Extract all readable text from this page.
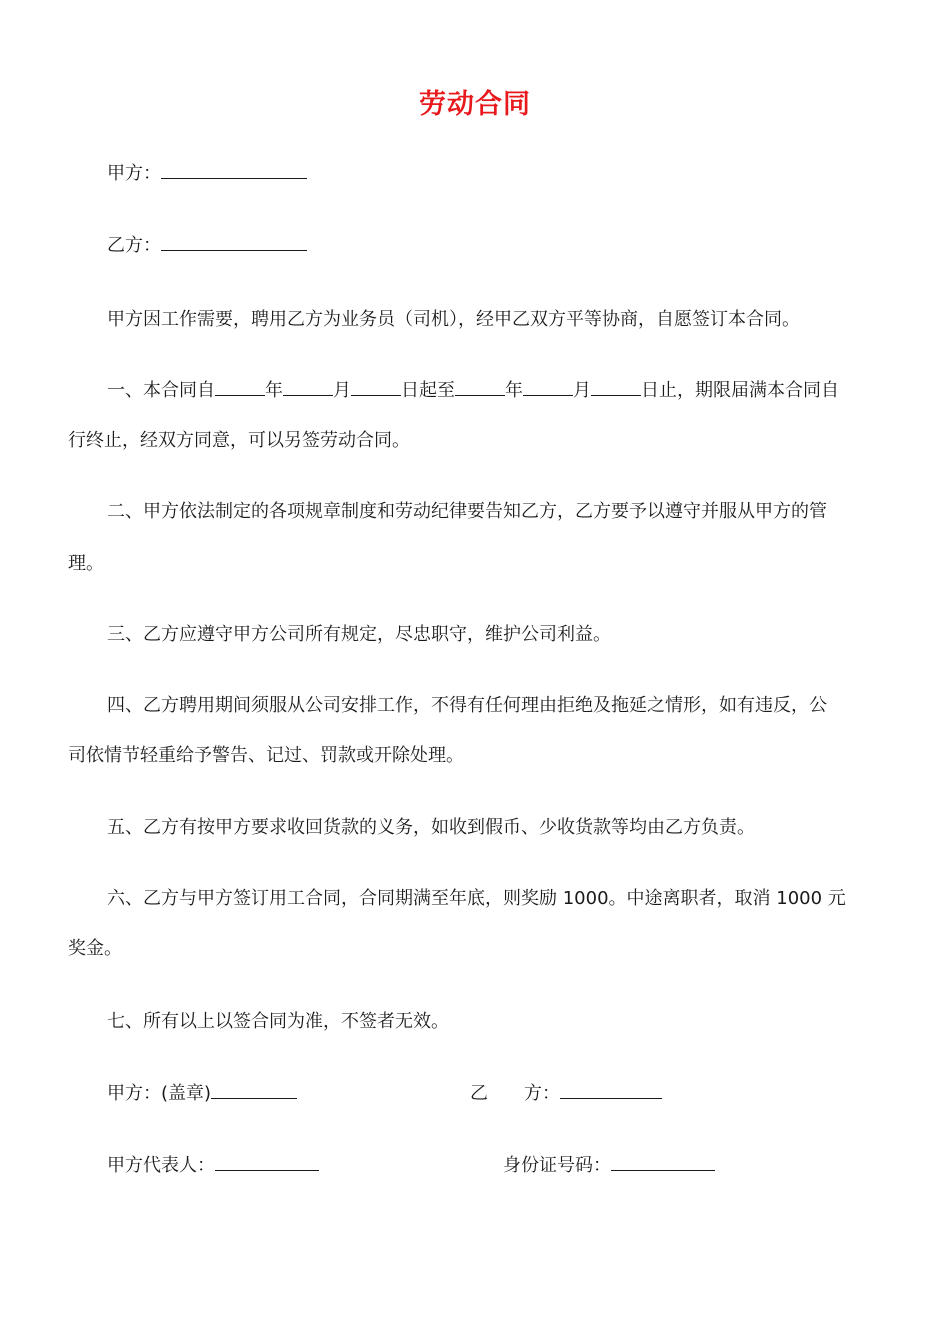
劳动合同
甲方：
乙方：
甲方因工作需要，聘用乙方为业务员（司机），经甲乙双方平等协商，自愿签订本合同。
一、本合同自	年	月	日起至	年	月	日止，期限届满本合同自
行终止，经双方同意，可以另签劳动合同。
二、甲方依法制定的各项规章制度和劳动纪律要告知乙方，乙方要予以遵守并服从甲方的管
理。
三、乙方应遵守甲方公司所有规定，尽忠职守，维护公司利益。
四、乙方聘用期间须服从公司安排工作，不得有任何理由拒绝及拖延之情形，如有违反，公
司依情节轻重给予警告、记过、罚款或开除处理。
五、乙方有按甲方要求收回货款的义务，如收到假币、少收货款等均由乙方负责。
六、乙方与甲方签订用工合同，合同期满至年底，则奖励 1000。中途离职者，取消 1000 元
奖金。
七、所有以上以签合同为准，不签者无效。
甲方：(盖章)	乙　　方：
甲方代表人：	身份证号码：
